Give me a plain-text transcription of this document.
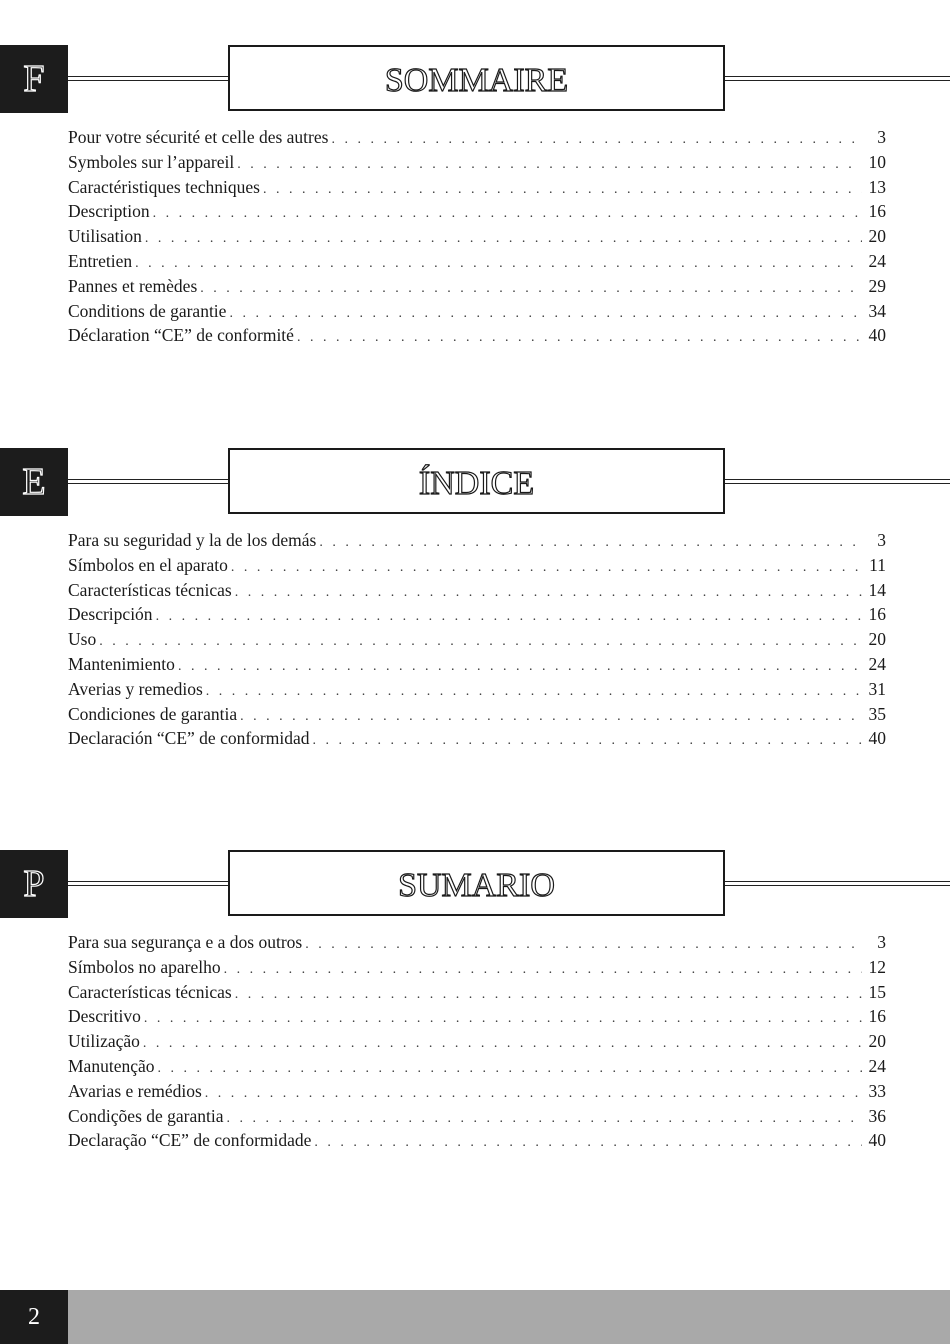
F	SOMMAIRE
Pour votre sécurité et celle des autres . . .	3
Symboles sur l’appareil . . .	10
Caractéristiques techniques . . .	13
Description . . .	16
Utilisation . . .	20
Entretien . . .	24
Pannes et remèdes . . .	29
Conditions de garantie . . .	34
Déclaration “CE” de conformité . . .	40
E	ÍNDICE
Para su seguridad y la de los demás . . .	3
Símbolos en el aparato . . .	11
Características técnicas . . .	14
Descripción . . .	16
Uso . . .	20
Mantenimiento . . .	24
Averias y remedios . . .	31
Condiciones de garantia . . .	35
Declaración “CE” de conformidad . . .	40
P	SUMARIO
Para sua segurança e a dos outros . . .	3
Símbolos no aparelho . . .	12
Características técnicas . . .	15
Descritivo . . .	16
Utilização . . .	20
Manutenção . . .	24
Avarias e remédios . . .	33
Condições de garantia . . .	36
Declaração “CE” de conformidade . . .	40
2
